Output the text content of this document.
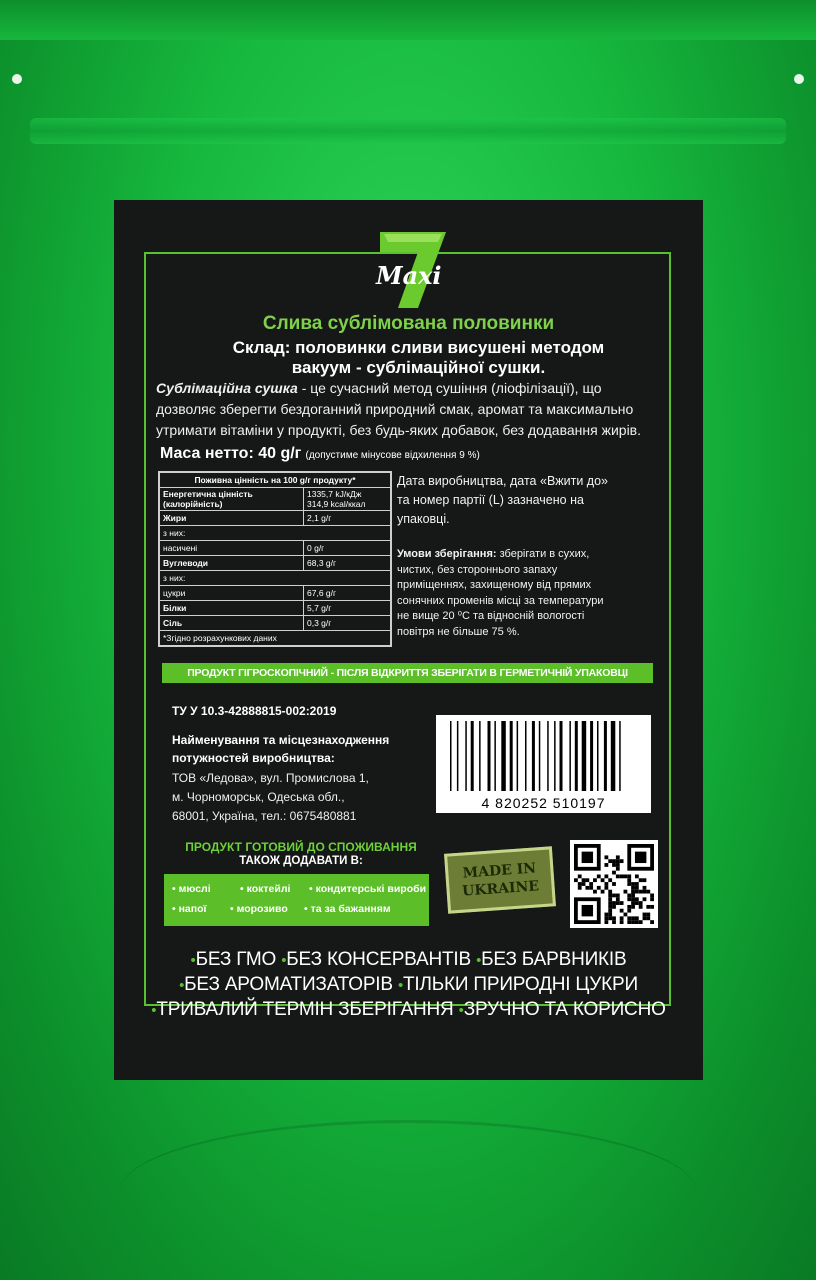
Maxi
Слива сублімована половинки
Склад: половинки сливи висушені методом
вакуум - сублімаційної сушки.
Сублімаційна сушка - це сучасний метод сушіння (ліофілізації), що
дозволяє зберегти бездоганний природний смак, аромат та максимально
утримати вітаміни у продукті, без будь-яких добавок, без додавання жирів.
Маса нетто: 40 g/г (допустиме мінусове відхилення 9 %)
Поживна цінність на 100 g/г продукту*	
Енергетична цінність (калорійність)	1335,7 kJ/кДж
314,9 kcal/ккал

Жири	2,1 g/г
з них:	
насичені	0 g/г
Вуглеводи	68,3 g/г
з них:	
цукри	67,6 g/г
Білки	5,7 g/г
Сіль	0,3 g/г
*Згідно розрахункових даних	
Дата виробництва, дата «Вжити до»
та номер партії (L) зазначено на
упаковці.
Умови зберігання: зберігати в сухих,
чистих, без стороннього запаху
приміщеннях, захищеному від прямих
сонячних променів місці за температури
не вище 20 ⁰С та відносній вологості
повітря не більше 75 %.
ПРОДУКТ ГІГРОСКОПІЧНИЙ - ПІСЛЯ ВІДКРИТТЯ ЗБЕРІГАТИ В ГЕРМЕТИЧНІЙ УПАКОВЦІ
ТУ У 10.3-42888815-002:2019
Найменування та місцезнаходження
потужностей виробництва:
ТОВ «Ледова», вул. Промислова 1,
м. Чорноморськ, Одеська обл.,
68001, Україна, тел.: 0675480881
4 820252 510197
ПРОДУКТ ГОТОВИЙ ДО СПОЖИВАННЯ
ТАКОЖ ДОДАВАТИ В:
• мюслі	• коктейлі • кондитерські вироби
• напої • морозиво • та за бажанням
MADE IN
UKRAINE
•БЕЗ ГМО •БЕЗ КОНСЕРВАНТІВ •БЕЗ БАРВНИКІВ
•БЕЗ АРОМАТИЗАТОРІВ •ТІЛЬКИ ПРИРОДНІ ЦУКРИ
•ТРИВАЛИЙ ТЕРМІН ЗБЕРІГАННЯ •ЗРУЧНО ТА КОРИСНО
